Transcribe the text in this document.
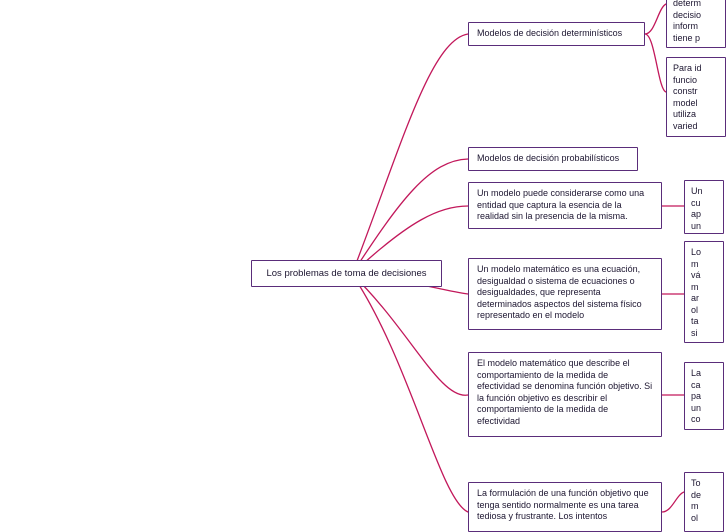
Los problemas de toma de decisiones
Modelos de decisión determinísticos
Modelos de decisión probabilísticos
Un modelo puede considerarse como una entidad que captura la esencia de la realidad sin la presencia de la misma.
Un modelo matemático es una ecuación, desigualdad o sistema de ecuaciones o desigualdades, que representa determinados aspectos del sistema físico representado en el modelo
El modelo matemático que describe el comportamiento de la medida de efectividad se denomina función objetivo. Si la función objetivo es describir el comportamiento de la medida de efectividad
La formulación de una función objetivo que tenga sentido normalmente es una tarea tediosa y frustrante. Los intentos
determ
decisio
inform
tiene p
Para id
funcio
constr
model
utiliza
varied
Un
cu
ap
un
Lo
m
vá
m
ar
ol
ta
si
La
ca
pa
un
co
To
de
m
ol
